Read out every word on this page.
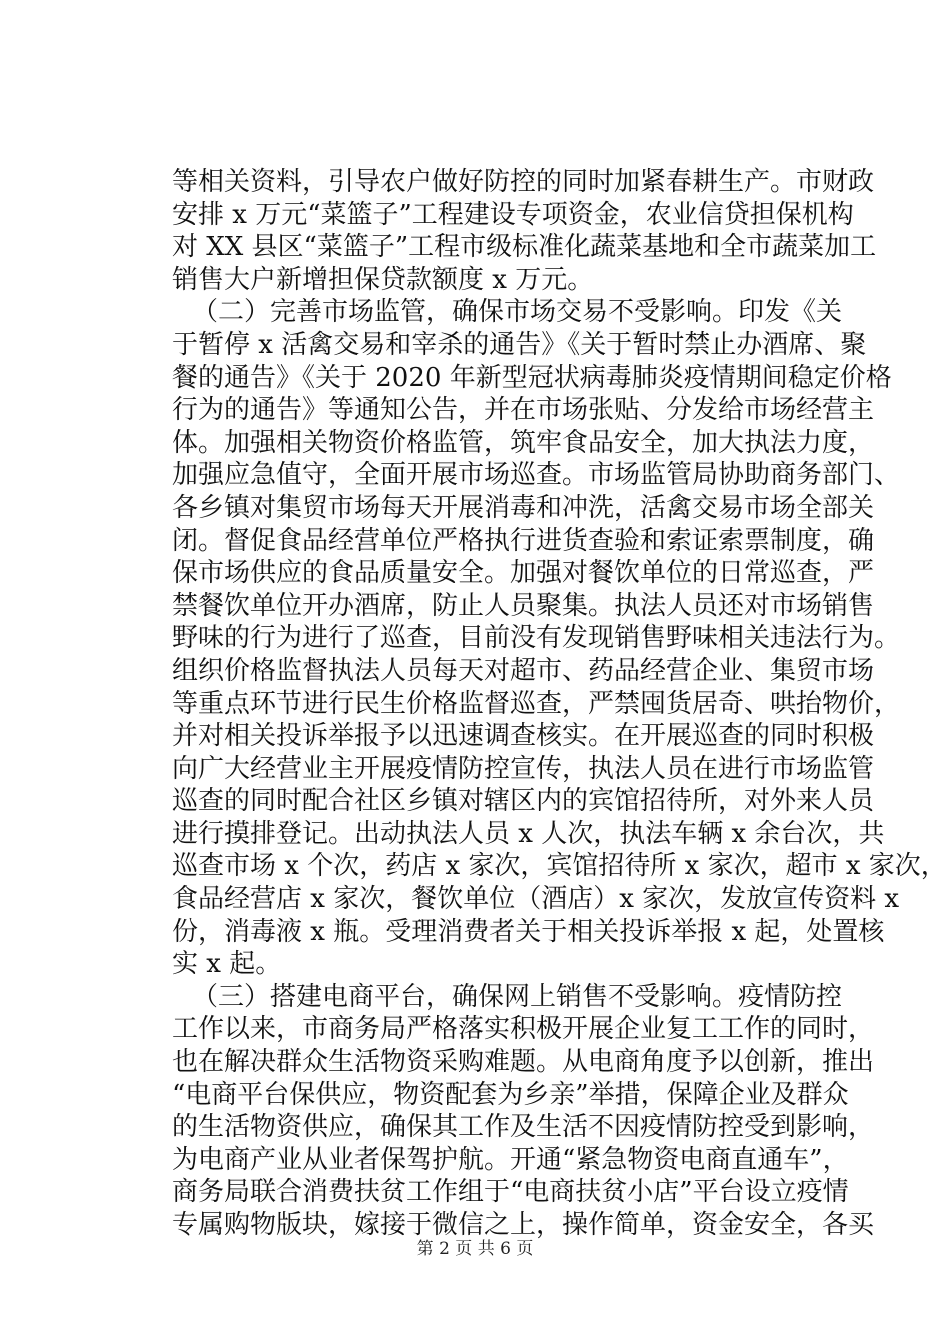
等相关资料，引导农户做好防控的同时加紧春耕生产。市财政
安排 x 万元“菜篮子”工程建设专项资金，农业信贷担保机构
对 XX 县区“菜篮子”工程市级标准化蔬菜基地和全市蔬菜加工
销售大户新增担保贷款额度 x 万元。
（二）完善市场监管，确保市场交易不受影响。印发《关
于暂停 x 活禽交易和宰杀的通告》《关于暂时禁止办酒席、聚
餐的通告》《关于 2020 年新型冠状病毒肺炎疫情期间稳定价格
行为的通告》等通知公告，并在市场张贴、分发给市场经营主
体。加强相关物资价格监管，筑牢食品安全，加大执法力度，
加强应急值守，全面开展市场巡查。市场监管局协助商务部门、
各乡镇对集贸市场每天开展消毒和冲洗，活禽交易市场全部关
闭。督促食品经营单位严格执行进货查验和索证索票制度，确
保市场供应的食品质量安全。加强对餐饮单位的日常巡查，严
禁餐饮单位开办酒席，防止人员聚集。执法人员还对市场销售
野味的行为进行了巡查，目前没有发现销售野味相关违法行为。
组织价格监督执法人员每天对超市、药品经营企业、集贸市场
等重点环节进行民生价格监督巡查，严禁囤货居奇、哄抬物价，
并对相关投诉举报予以迅速调查核实。在开展巡查的同时积极
向广大经营业主开展疫情防控宣传，执法人员在进行市场监管
巡查的同时配合社区乡镇对辖区内的宾馆招待所，对外来人员
进行摸排登记。出动执法人员 x 人次，执法车辆 x 余台次，共
巡查市场 x 个次，药店 x 家次，宾馆招待所 x 家次，超市 x 家次，
食品经营店 x 家次，餐饮单位（酒店）x 家次，发放宣传资料 x
份，消毒液 x 瓶。受理消费者关于相关投诉举报 x 起，处置核
实 x 起。
（三）搭建电商平台，确保网上销售不受影响。疫情防控
工作以来，市商务局严格落实积极开展企业复工工作的同时，
也在解决群众生活物资采购难题。从电商角度予以创新，推出
“电商平台保供应，物资配套为乡亲”举措，保障企业及群众
的生活物资供应，确保其工作及生活不因疫情防控受到影响，
为电商产业从业者保驾护航。开通“紧急物资电商直通车”，
商务局联合消费扶贫工作组于“电商扶贫小店”平台设立疫情
专属购物版块，嫁接于微信之上，操作简单，资金安全，各买
第 2 页 共 6 页
